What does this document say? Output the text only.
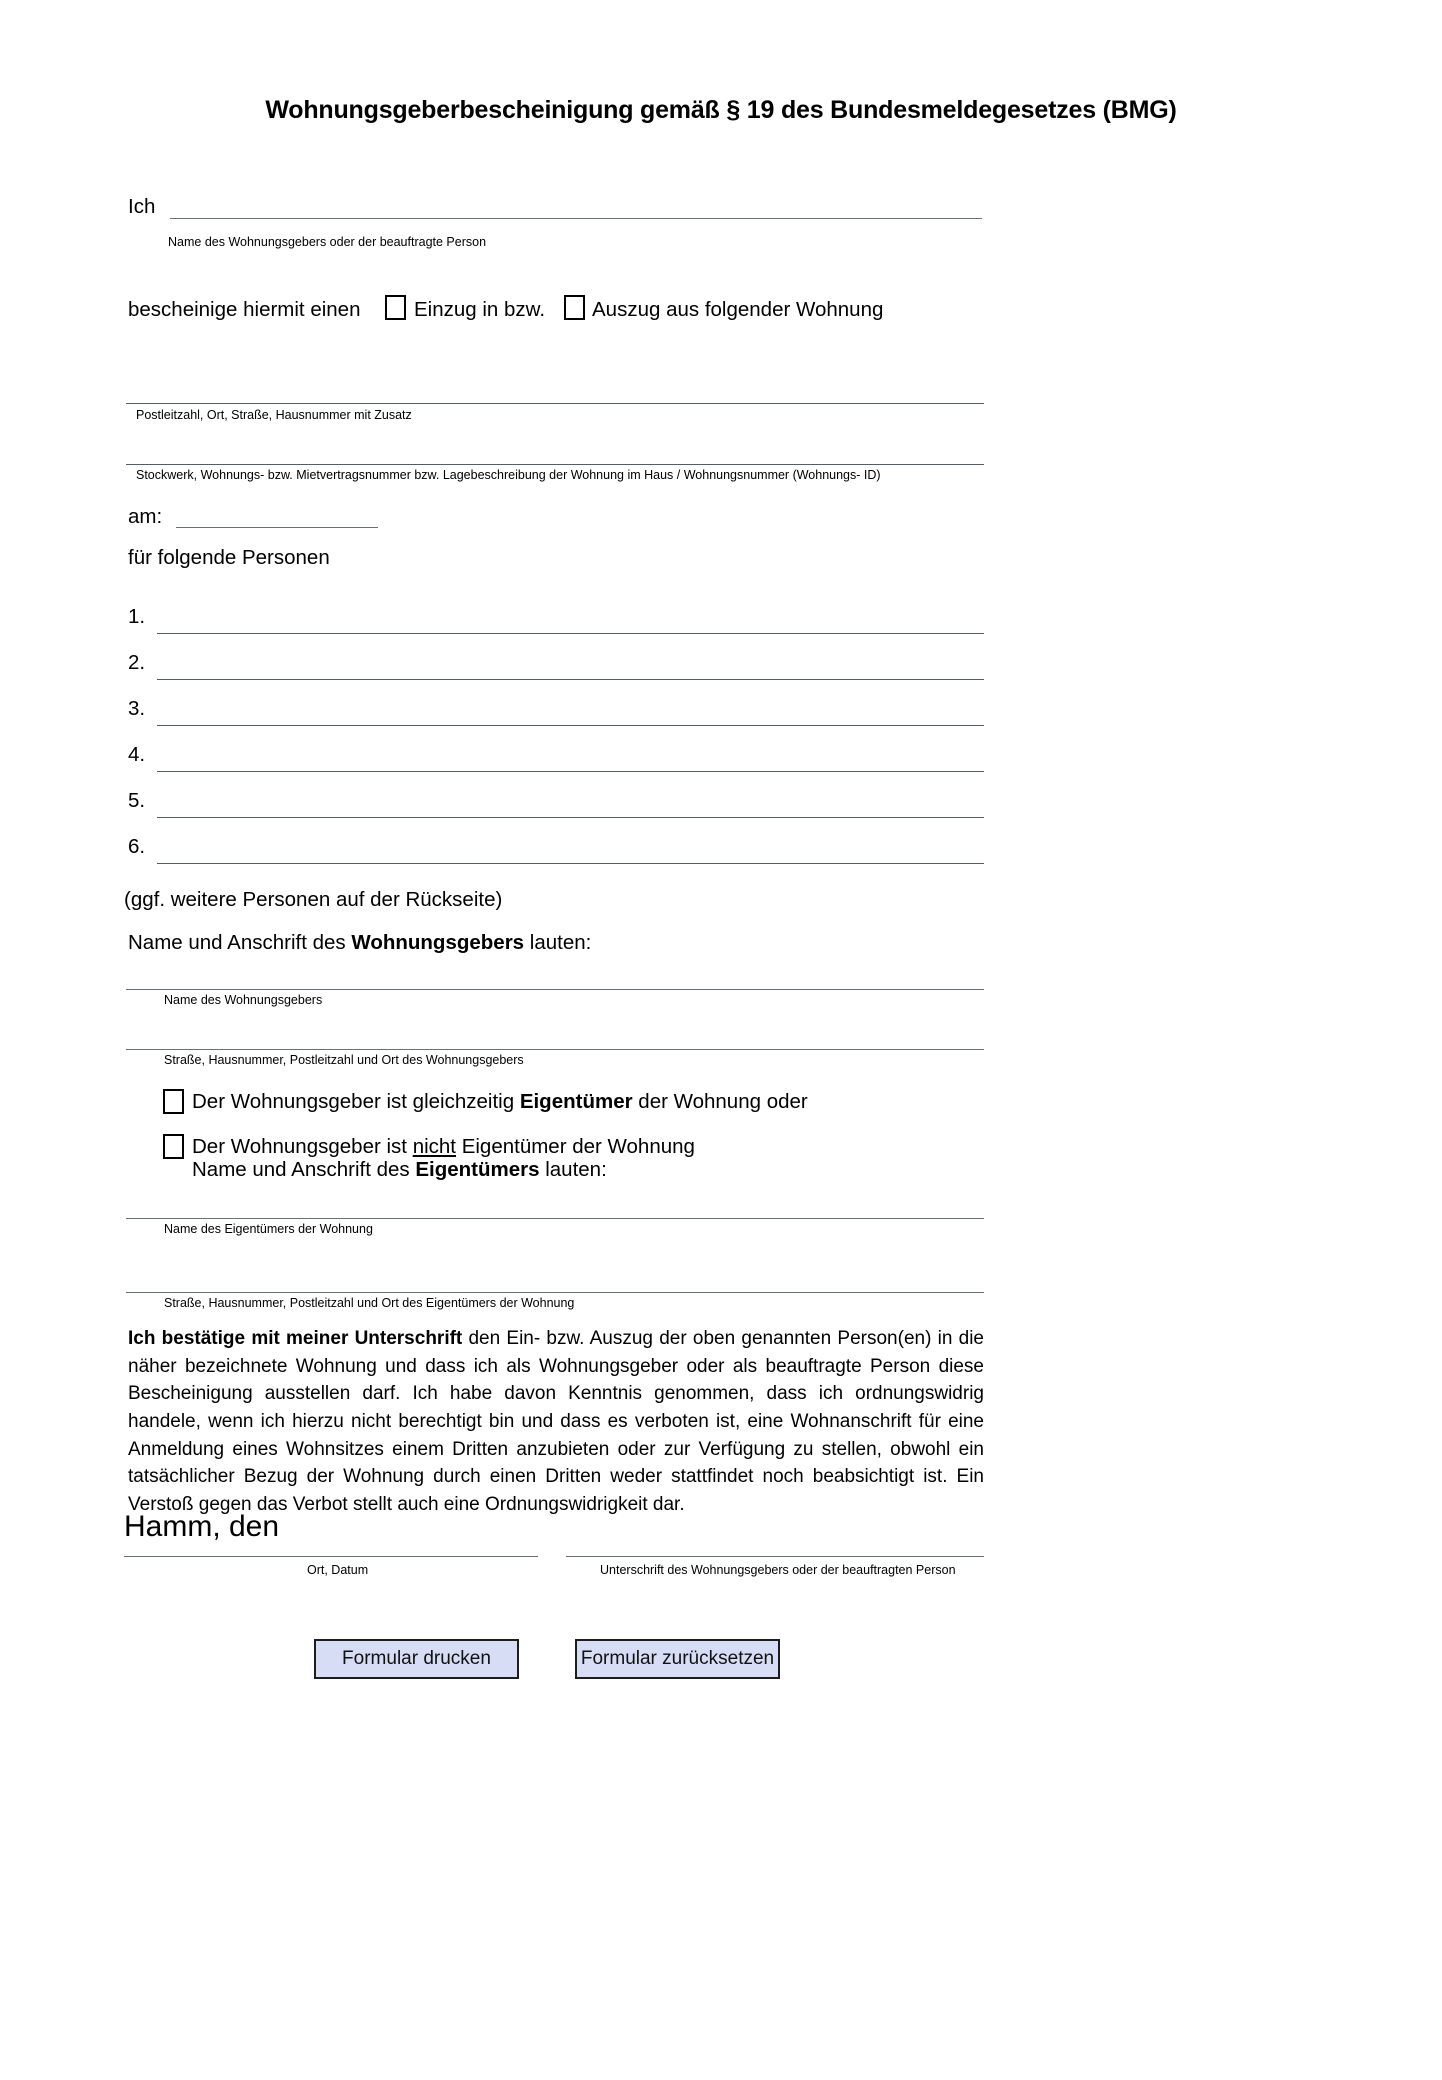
Wohnungsgeberbescheinigung gemäß § 19 des Bundesmeldegesetzes (BMG)
Ich
Name des Wohnungsgebers oder der beauftragte Person
bescheinige hiermit einen	Einzug in bzw. Auszug aus folgender Wohnung
Postleitzahl, Ort, Straße, Hausnummer mit Zusatz
Stockwerk, Wohnungs- bzw. Mietvertragsnummer bzw. Lagebeschreibung der Wohnung im Haus / Wohnungsnummer (Wohnungs- ID)
am:
für folgende Personen
1.
2.
3.
4.
5.
6.
(ggf. weitere Personen auf der Rückseite)
Name und Anschrift des Wohnungsgebers lauten:
Name des Wohnungsgebers
Straße, Hausnummer, Postleitzahl und Ort des Wohnungsgebers
Der Wohnungsgeber ist gleichzeitig Eigentümer der Wohnung oder
Der Wohnungsgeber ist nicht Eigentümer der Wohnung
Name und Anschrift des Eigentümers lauten:
Name des Eigentümers der Wohnung
Straße, Hausnummer, Postleitzahl und Ort des Eigentümers der Wohnung
Ich bestätige mit meiner Unterschrift den Ein- bzw. Auszug der oben genannten Person(en) in die näher bezeichnete Wohnung und dass ich als Wohnungsgeber oder als beauftragte Person diese Bescheinigung ausstellen darf. Ich habe davon Kenntnis genommen, dass ich ordnungswidrig handele, wenn ich hierzu nicht berechtigt bin und dass es verboten ist, eine Wohnanschrift für eine Anmeldung eines Wohnsitzes einem Dritten anzubieten oder zur Verfügung zu stellen, obwohl ein tatsächlicher Bezug der Wohnung durch einen Dritten weder stattfindet noch beabsichtigt ist. Ein Verstoß gegen das Verbot stellt auch eine Ordnungswidrigkeit dar.
Hamm, den
Ort, Datum	Unterschrift des Wohnungsgebers oder der beauftragten Person
Formular drucken	Formular zurücksetzen
